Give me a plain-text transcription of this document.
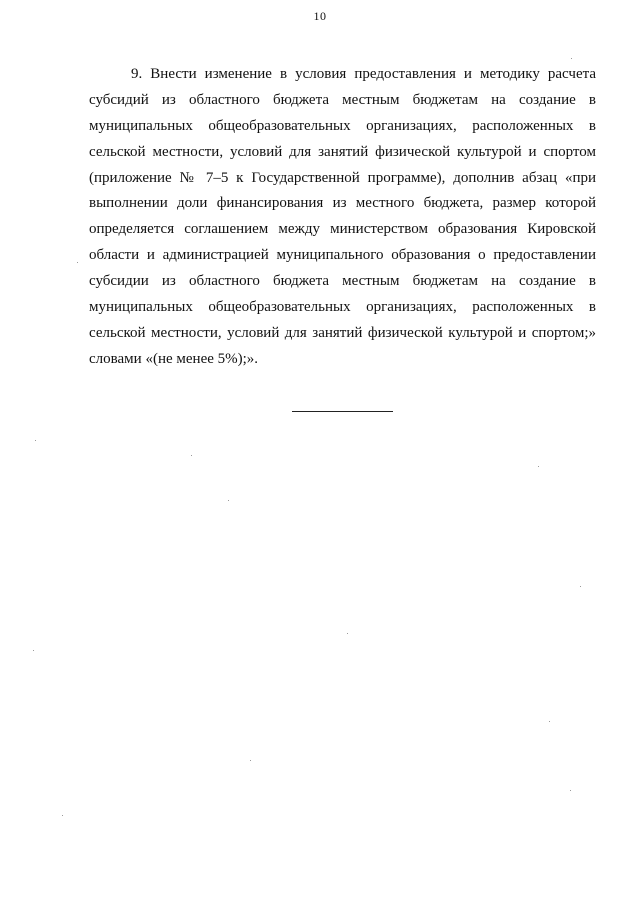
10
9. Внести изменение в условия предоставления и методику расчета
субсидий из областного бюджета местным бюджетам на создание в
муниципальных общеобразовательных организациях, расположенных в
сельской местности, условий для занятий физической культурой и спортом
(приложение № 7–5 к Государственной программе), дополнив абзац «при
выполнении доли финансирования из местного бюджета, размер которой
определяется соглашением между министерством образования Кировской
области и администрацией муниципального образования о предоставлении
субсидии из областного бюджета местным бюджетам на создание в
муниципальных общеобразовательных организациях, расположенных в
сельской местности, условий для занятий физической культурой и спортом;»
словами «(не менее 5%);».
